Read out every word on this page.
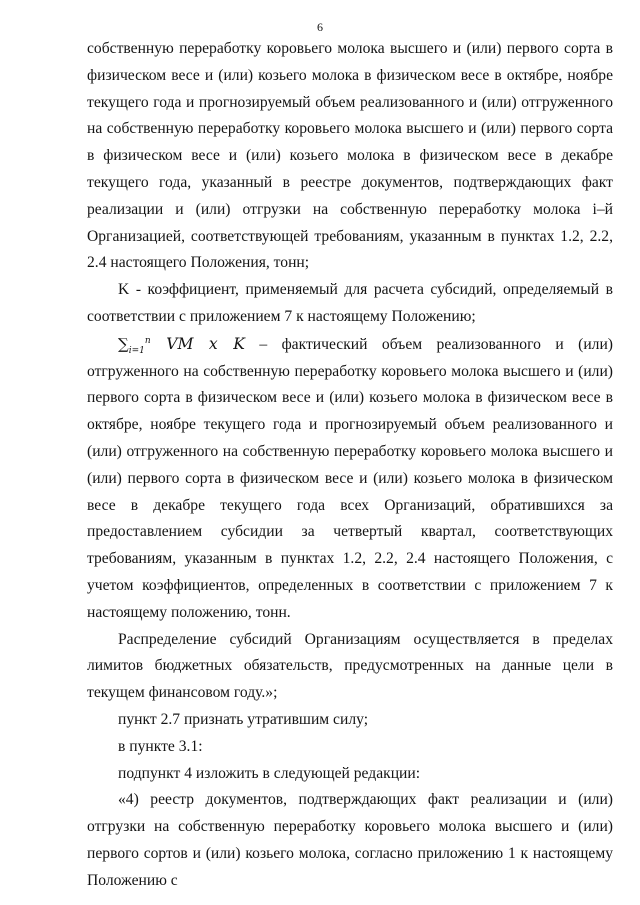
6

собственную переработку коровьего молока высшего и (или) первого сорта в физическом весе и (или) козьего молока в физическом весе в октябре, ноябре текущего года и прогнозируемый объем реализованного и (или) отгруженного на собственную переработку коровьего молока высшего и (или) первого сорта в физическом весе и (или) козьего молока в физическом весе в декабре текущего года, указанный в реестре документов, подтверждающих факт реализации и (или) отгрузки на собственную переработку молока i–й Организацией, соответствующей требованиям, указанным в пунктах 1.2, 2.2, 2.4 настоящего Положения, тонн;

K - коэффициент, применяемый для расчета субсидий, определяемый в соответствии с приложением 7 к настоящему Положению;

$\sum_{i=1}^n$ VM x K – фактический объем реализованного и (или) отгруженного на собственную переработку коровьего молока высшего и (или) первого сорта в физическом весе и (или) козьего молока в физическом весе в октябре, ноябре текущего года и прогнозируемый объем реализованного и (или) отгруженного на собственную переработку коровьего молока высшего и (или) первого сорта в физическом весе и (или) козьего молока в физическом весе в декабре текущего года всех Организаций, обратившихся за предоставлением субсидии за четвертый квартал, соответствующих требованиям, указанным в пунктах 1.2, 2.2, 2.4 настоящего Положения, с учетом коэффициентов, определенных в соответствии с приложением 7 к настоящему положению, тонн.

Распределение субсидий Организациям осуществляется в пределах лимитов бюджетных обязательств, предусмотренных на данные цели в текущем финансовом году.»;

пункт 2.7 признать утратившим силу;

в пункте 3.1:

подпункт 4 изложить в следующей редакции:

«4) реестр документов, подтверждающих факт реализации и (или) отгрузки на собственную переработку коровьего молока высшего и (или) первого сортов и (или) козьего молока, согласно приложению 1 к настоящему Положению с
